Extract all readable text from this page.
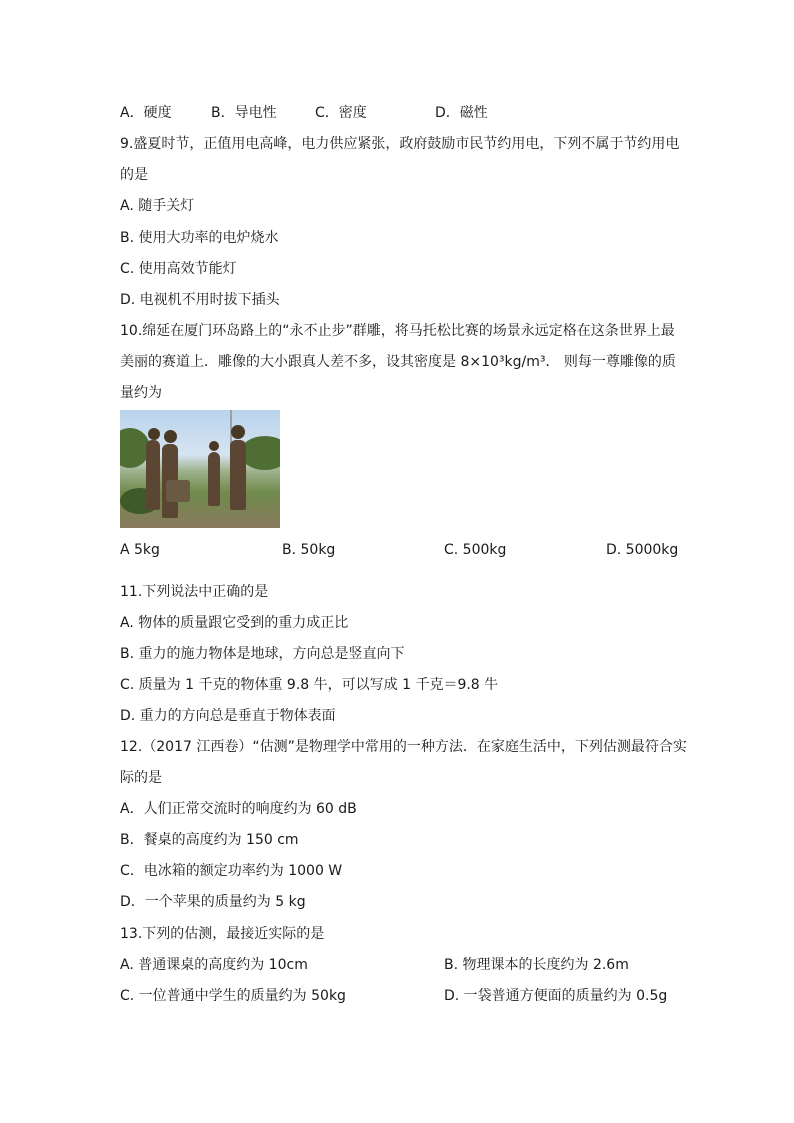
A．硬度	B．导电性	C．密度	D．磁性
9.盛夏时节，正值用电高峰，电力供应紧张，政府鼓励市民节约用电，下列不属于节约用电
的是
A. 随手关灯
B. 使用大功率的电炉烧水
C. 使用高效节能灯
D. 电视机不用时拔下插头
10.绵延在厦门环岛路上的“永不止步”群雕，将马托松比赛的场景永远定格在这条世界上最
美丽的赛道上．雕像的大小跟真人差不多，设其密度是 8×10³kg/m³． 则每一尊雕像的质
量约为
A 5kg	B. 50kg	C. 500kg	D. 5000kg
11.下列说法中正确的是
A. 物体的质量跟它受到的重力成正比
B. 重力的施力物体是地球，方向总是竖直向下
C. 质量为 1 千克的物体重 9.8 牛，可以写成 1 千克＝9.8 牛
D. 重力的方向总是垂直于物体表面
12.（2017 江西卷）“估测”是物理学中常用的一种方法．在家庭生活中，下列估测最符合实
际的是
A．人们正常交流时的响度约为 60 dB
B．餐桌的高度约为 150 cm
C．电冰箱的额定功率约为 1000 W
D．一个苹果的质量约为 5 kg
13.下列的估测，最接近实际的是
A. 普通课桌的高度约为 10cm	B. 物理课本的长度约为 2.6m
C. 一位普通中学生的质量约为 50kg	D. 一袋普通方便面的质量约为 0.5g
